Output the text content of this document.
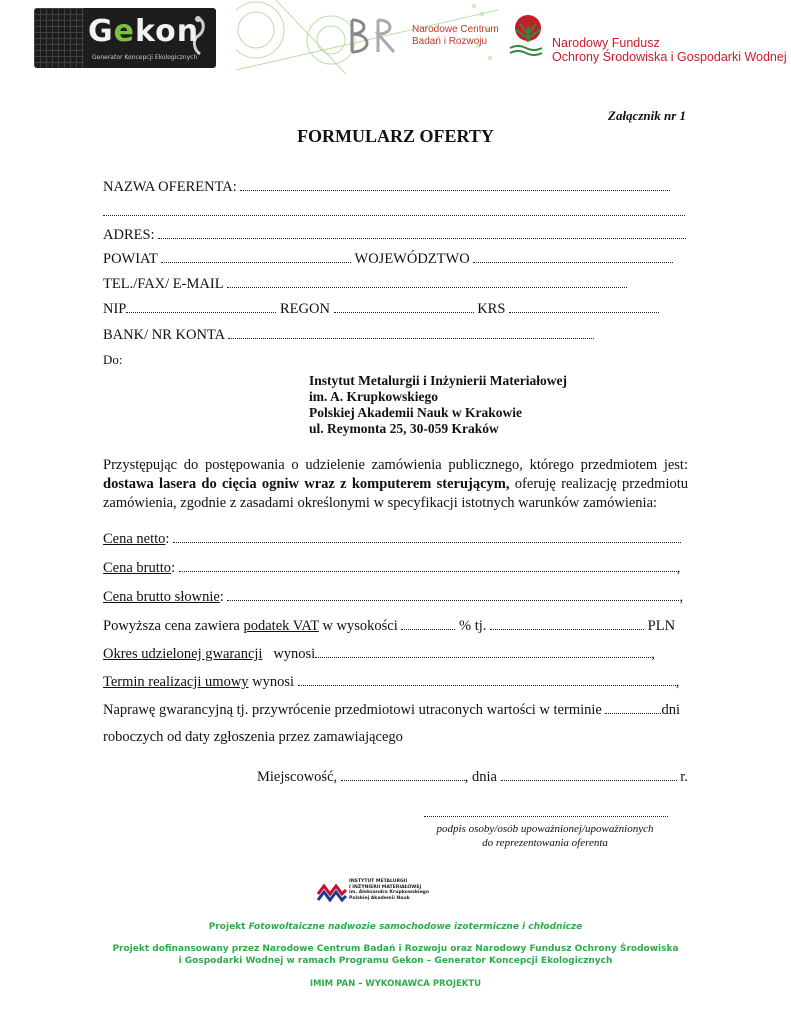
Gekon
Generator Koncepcji Ekologicznych
Narodowe Centrum
Badań i Rozwoju	Narodowy Fundusz
Ochrony Środowiska i Gospodarki Wodnej
Załącznik nr 1
FORMULARZ OFERTY
NAZWA OFERENTA:
ADRES:
POWIAT	WOJEWÓDZTWO
TEL./FAX/ E-MAIL
NIP	REGON	KRS
BANK/ NR KONTA
Do:
Instytut Metalurgii i Inżynierii Materiałowej
im. A. Krupkowskiego
Polskiej Akademii Nauk w Krakowie
ul. Reymonta 25, 30-059 Kraków
Przystępując do postępowania o udzielenie zamówienia publicznego, którego przedmiotem jest: dostawa lasera do cięcia ogniw wraz z komputerem sterującym, oferuję realizację przedmiotu zamówienia, zgodnie z zasadami określonymi w specyfikacji istotnych warunków zamówienia:
Cena netto:
Cena brutto:	,
Cena brutto słownie:	,
Powyższa cena zawiera podatek VAT w wysokości	% tj.	PLN
Okres udzielonej gwarancji wynosi	,
Termin realizacji umowy wynosi	,
Naprawę gwarancyjną tj. przywrócenie przedmiotowi utraconych wartości w terminie	dni
roboczych od daty zgłoszenia przez zamawiającego
Miejscowość,	, dnia	r.
podpis osoby/osób upoważnionej/upoważnionych
do reprezentowania oferenta
INSTYTUT METALURGII
I INŻYNIERII MATERIAŁOWEJ
im. Aleksandra Krupkowskiego
Polskiej Akademii Nauk
Projekt Fotowoltaiczne nadwozie samochodowe izotermiczne i chłodnicze
Projekt dofinansowany przez Narodowe Centrum Badań i Rozwoju oraz Narodowy Fundusz Ochrony Środowiska
i Gospodarki Wodnej w ramach Programu Gekon – Generator Koncepcji Ekologicznych
IMIM PAN – WYKONAWCA PROJEKTU
